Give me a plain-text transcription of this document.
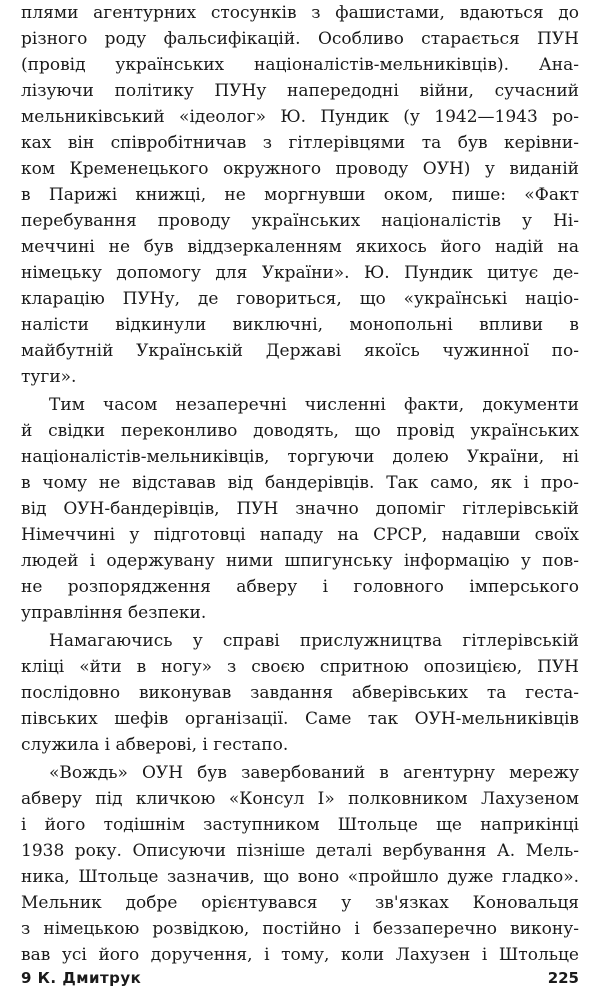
плями агентурних стосунків з фашистами, вдаються до
різного роду фальсифікацій. Особливо старається ПУН
(провід українських націоналістів-мельниківців). Ана-
лізуючи політику ПУНу напередодні війни, сучасний
мельниківський «ідеолог» Ю. Пундик (у 1942—1943 ро-
ках він співробітничав з гітлерівцями та був керівни-
ком Кременецького окружного проводу ОУН) у виданій
в Парижі книжці, не моргнувши оком, пише: «Факт
перебування проводу українських націоналістів у Ні-
меччині не був віддзеркаленням якихось його надій на
німецьку допомогу для України». Ю. Пундик цитує де-
кларацію ПУНу, де говориться, що «українські націо-
налісти відкинули виключні, монопольні впливи в
майбутній Українській Державі якоїсь чужинної по-
туги».
Тим часом незаперечні численні факти, документи
й свідки переконливо доводять, що провід українських
націоналістів-мельниківців, торгуючи долею України, ні
в чому не відставав від бандерівців. Так само, як і про-
від ОУН-бандерівців, ПУН значно допоміг гітлерівській
Німеччині у підготовці нападу на СРСР, надавши своїх
людей і одержувану ними шпигунську інформацію у пов-
не розпорядження абверу і головного імперського
управління безпеки.
Намагаючись у справі прислужництва гітлерівській
кліці «йти в ногу» з своєю спритною опозицією, ПУН
послідовно виконував завдання абверівських та геста-
півських шефів організації. Саме так ОУН-мельниківців
служила і абверові, і гестапо.
«Вождь» ОУН був завербований в агентурну мережу
абверу під кличкою «Консул І» полковником Лахузеном
і його тодішнім заступником Штольце ще наприкінці
1938 року. Описуючи пізніше деталі вербування А. Мель-
ника, Штольце зазначив, що воно «пройшло дуже гладко».
Мельник добре орієнтувався у зв'язках Коновальця
з німецькою розвідкою, постійно і беззаперечно викону-
вав усі його доручення, і тому, коли Лахузен і Штольце
9 К. Дмитрук	225
